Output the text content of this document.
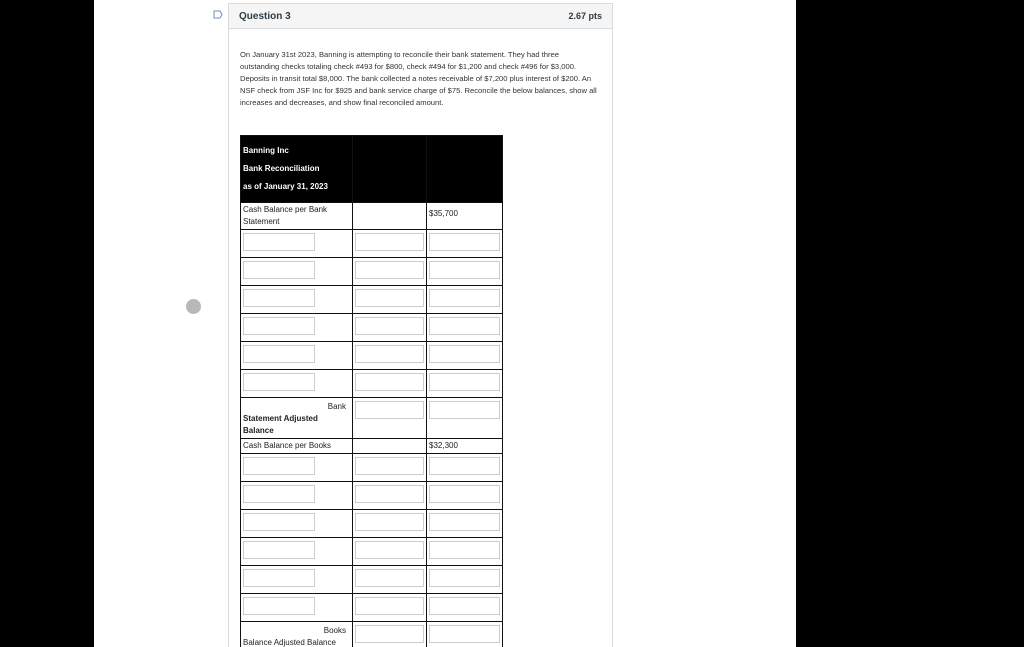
Question 3	2.67 pts
On January 31st 2023, Banning is attempting to reconcile their bank statement. They had three outstanding checks totaling check #493 for $800, check #494 for $1,200 and check #496 for $3,000. Deposits in transit total $8,000. The bank collected a notes receivable of $7,200 plus interest of $200. An NSF check from JSF Inc for $925 and bank service charge of $75. Reconcile the below balances, show all increases and decreases, and show final reconciled amount.
Banning Inc
Bank Reconciliation
as of January 31, 2023		

Cash Balance per Bank Statement		$35,700

Bank
Statement Adjusted Balance		

Cash Balance per Books		$32,300

Books
Balance Adjusted Balance		
